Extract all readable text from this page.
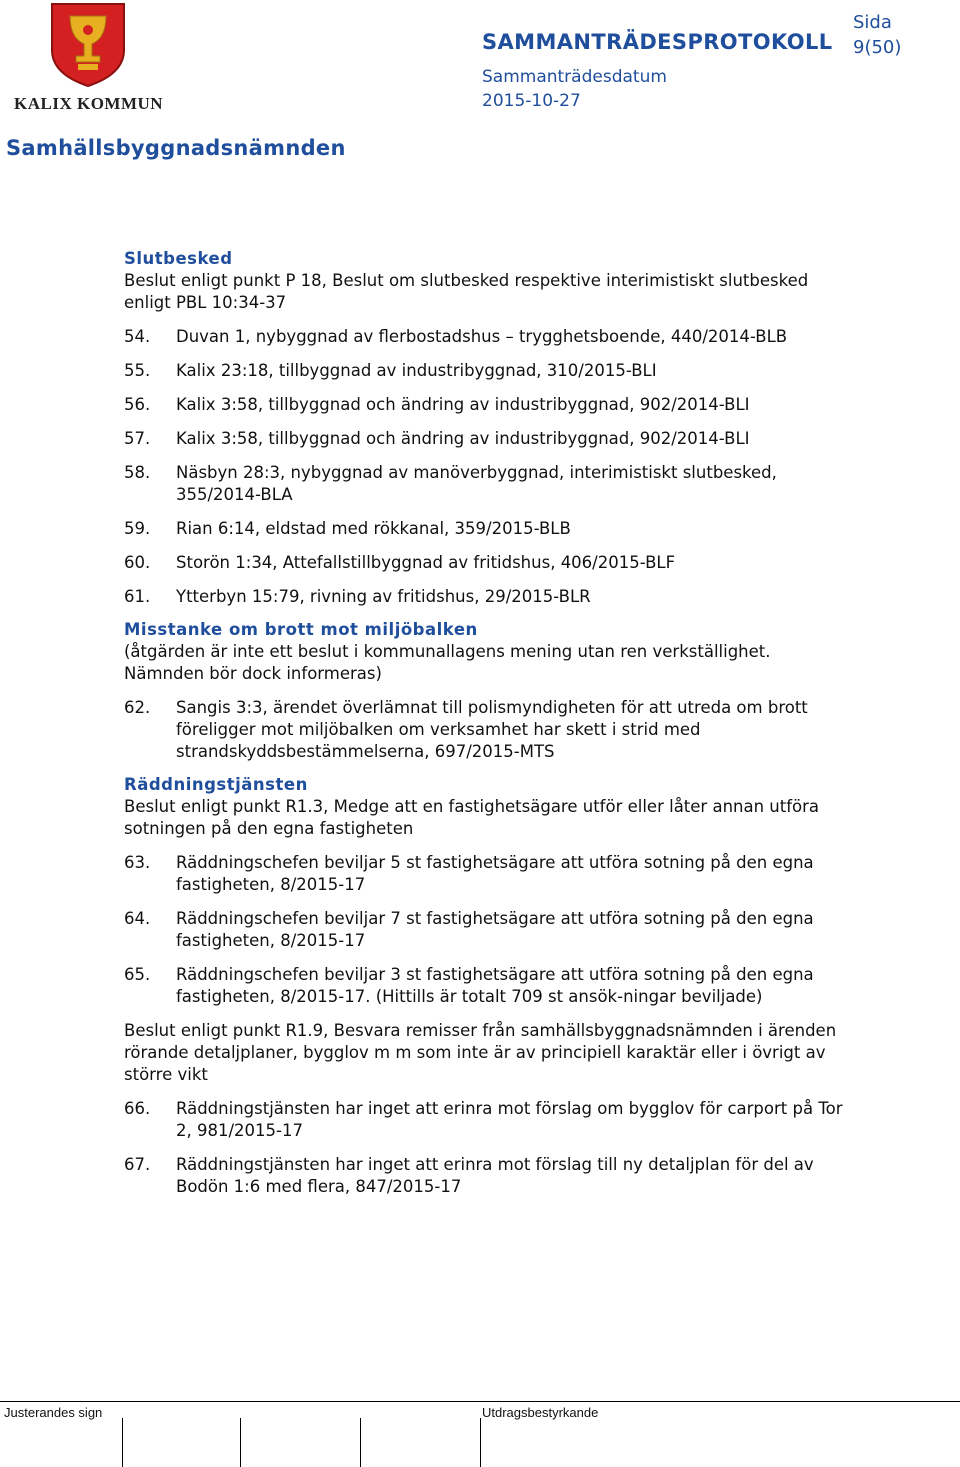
KALIX KOMMUN
SAMMANTRÄDESPROTOKOLL
Sida
9(50)
Sammanträdesdatum
2015-10-27
Samhällsbyggnadsnämnden

Slutbesked

Beslut enligt punkt P 18, Beslut om slutbesked respektive interimistiskt slutbesked enligt PBL 10:34-37

54.	Duvan 1, nybyggnad av flerbostadshus – trygghetsboende, 440/2014-BLB
55.	Kalix 23:18, tillbyggnad av industribyggnad, 310/2015-BLI
56.	Kalix 3:58, tillbyggnad och ändring av industribyggnad, 902/2014-BLI
57.	Kalix 3:58, tillbyggnad och ändring av industribyggnad, 902/2014-BLI
58.	Näsbyn 28:3, nybyggnad av manöverbyggnad, interimistiskt slutbesked, 355/2014-BLA
59.	Rian 6:14, eldstad med rökkanal, 359/2015-BLB
60.	Storön 1:34, Attefallstillbyggnad av fritidshus, 406/2015-BLF
61.	Ytterbyn 15:79, rivning av fritidshus, 29/2015-BLR

Misstanke om brott mot miljöbalken

(åtgärden är inte ett beslut i kommunallagens mening utan ren verkställighet. Nämnden bör dock informeras)

62.	Sangis 3:3, ärendet överlämnat till polismyndigheten för att utreda om brott föreligger mot miljöbalken om verksamhet har skett i strid med strandskyddsbestämmelserna, 697/2015-MTS

Räddningstjänsten

Beslut enligt punkt R1.3, Medge att en fastighetsägare utför eller låter annan utföra sotningen på den egna fastigheten

63.	Räddningschefen beviljar 5 st fastighetsägare att utföra sotning på den egna fastigheten, 8/2015-17
64.	Räddningschefen beviljar 7 st fastighetsägare att utföra sotning på den egna fastigheten, 8/2015-17
65.	Räddningschefen beviljar 3 st fastighetsägare att utföra sotning på den egna fastigheten, 8/2015-17. (Hittills är totalt 709 st ansök-ningar beviljade)

Beslut enligt punkt R1.9, Besvara remisser från samhällsbyggnadsnämnden i ärenden rörande detaljplaner, bygglov m m som inte är av principiell karaktär eller i övrigt av större vikt

66.	Räddningstjänsten har inget att erinra mot förslag om bygglov för carport på Tor 2, 981/2015-17
67.	Räddningstjänsten har inget att erinra mot förslag till ny detaljplan för del av Bodön 1:6 med flera, 847/2015-17
Justerandes sign	Utdragsbestyrkande
